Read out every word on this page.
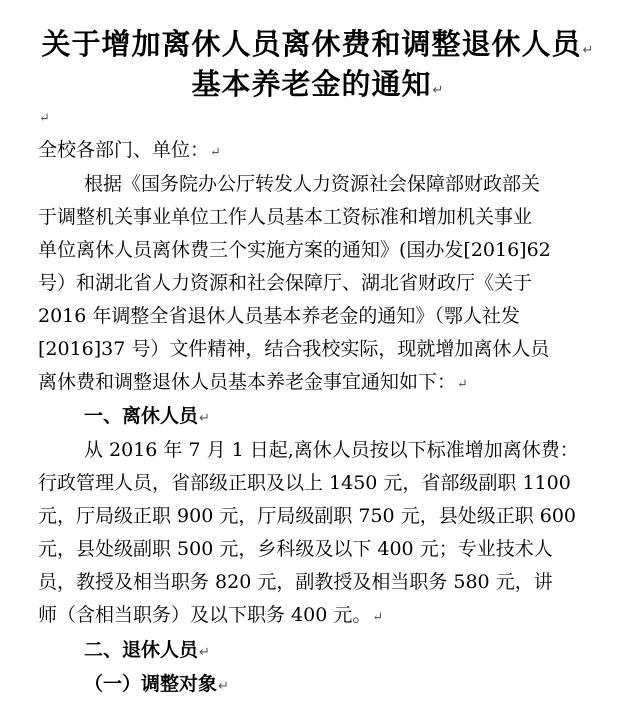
关于增加离休人员离休费和调整退休人员↵
基本养老金的通知↵
↵
全校各部门、单位：↵
根据《国务院办公厅转发人力资源社会保障部财政部关
于调整机关事业单位工作人员基本工资标准和增加机关事业
单位离休人员离休费三个实施方案的通知》(国办发[2016]62
号）和湖北省人力资源和社会保障厅、湖北省财政厅《关于
2016 年调整全省退休人员基本养老金的通知》（鄂人社发
[2016]37 号）文件精神，结合我校实际，现就增加离休人员
离休费和调整退休人员基本养老金事宜通知如下：↵
一、离休人员↵
从 2016 年 7 月 1 日起,离休人员按以下标准增加离休费：
行政管理人员，省部级正职及以上 1450 元，省部级副职 1100
元，厅局级正职 900 元，厅局级副职 750 元，县处级正职 600
元，县处级副职 500 元，乡科级及以下 400 元；专业技术人
员，教授及相当职务 820 元，副教授及相当职务 580 元，讲
师（含相当职务）及以下职务 400 元。↵
二、退休人员↵
（一）调整对象↵
